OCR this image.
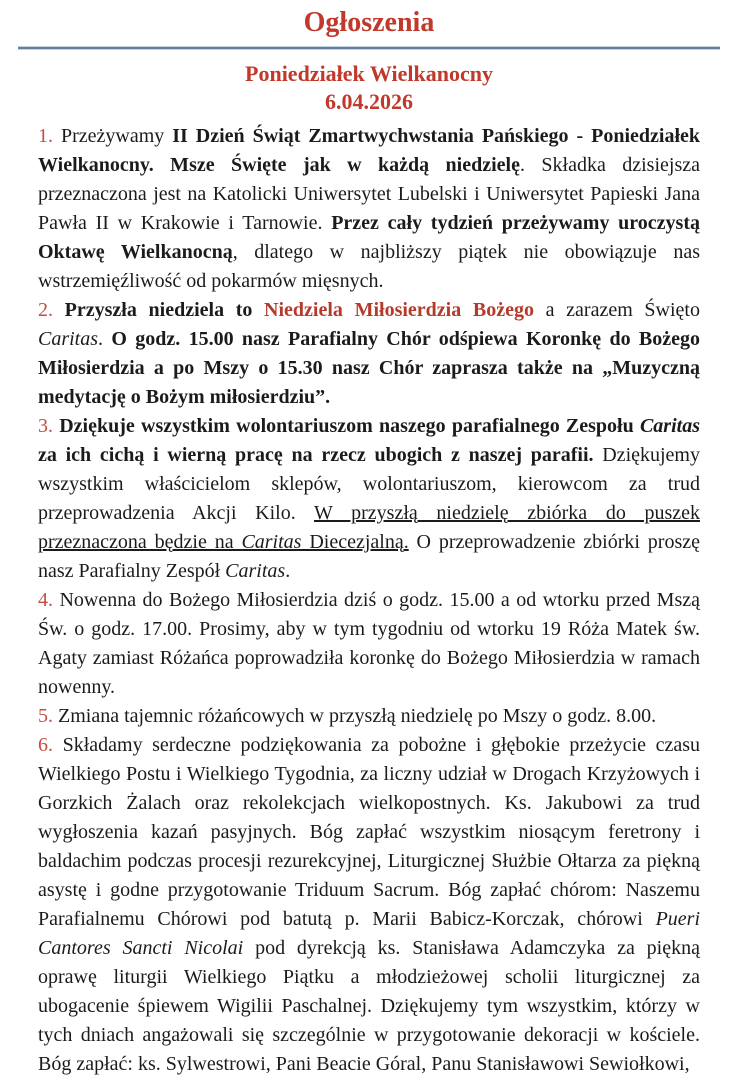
Ogłoszenia
Poniedziałek Wielkanocny
6.04.2026

1. Przeżywamy II Dzień Świąt Zmartwychwstania Pańskiego - Poniedziałek Wielkanocny. Msze Święte jak w każdą niedzielę. Składka dzisiejsza przeznaczona jest na Katolicki Uniwersytet Lubelski i Uniwersytet Papieski Jana Pawła II w Krakowie i Tarnowie. Przez cały tydzień przeżywamy uroczystą Oktawę Wielkanocną, dlatego w najbliższy piątek nie obowiązuje nas wstrzemięźliwość od pokarmów mięsnych.

2. Przyszła niedziela to Niedziela Miłosierdzia Bożego a zarazem Święto Caritas. O godz. 15.00 nasz Parafialny Chór odśpiewa Koronkę do Bożego Miłosierdzia a po Mszy o 15.30 nasz Chór zaprasza także na „Muzyczną medytację o Bożym miłosierdziu”.

3. Dziękuje wszystkim wolontariuszom naszego parafialnego Zespołu Caritas za ich cichą i wierną pracę na rzecz ubogich z naszej parafii. Dziękujemy wszystkim właścicielom sklepów, wolontariuszom, kierowcom za trud przeprowadzenia Akcji Kilo. W przyszłą niedzielę zbiórka do puszek przeznaczona będzie na Caritas Diecezjalną. O przeprowadzenie zbiórki proszę nasz Parafialny Zespół Caritas.

4. Nowenna do Bożego Miłosierdzia dziś o godz. 15.00 a od wtorku przed Mszą Św. o godz. 17.00. Prosimy, aby w tym tygodniu od wtorku 19 Róża Matek św. Agaty zamiast Różańca poprowadziła koronkę do Bożego Miłosierdzia w ramach nowenny.

5. Zmiana tajemnic różańcowych w przyszłą niedzielę po Mszy o godz. 8.00.

6. Składamy serdeczne podziękowania za pobożne i głębokie przeżycie czasu Wielkiego Postu i Wielkiego Tygodnia, za liczny udział w Drogach Krzyżowych i Gorzkich Żalach oraz rekolekcjach wielkopostnych. Ks. Jakubowi za trud wygłoszenia kazań pasyjnych. Bóg zapłać wszystkim niosącym feretrony i baldachim podczas procesji rezurekcyjnej, Liturgicznej Służbie Ołtarza za piękną asystę i godne przygotowanie Triduum Sacrum. Bóg zapłać chórom: Naszemu Parafialnemu Chórowi pod batutą p. Marii Babicz-Korczak, chórowi Pueri Cantores Sancti Nicolai pod dyrekcją ks. Stanisława Adamczyka za piękną oprawę liturgii Wielkiego Piątku a młodzieżowej scholii liturgicznej za ubogacenie śpiewem Wigilii Paschalnej. Dziękujemy tym wszystkim, którzy w tych dniach angażowali się szczególnie w przygotowanie dekoracji w kościele. Bóg zapłać: ks. Sylwestrowi, Pani Beacie Góral, Panu Stanisławowi Sewiołkowi,
